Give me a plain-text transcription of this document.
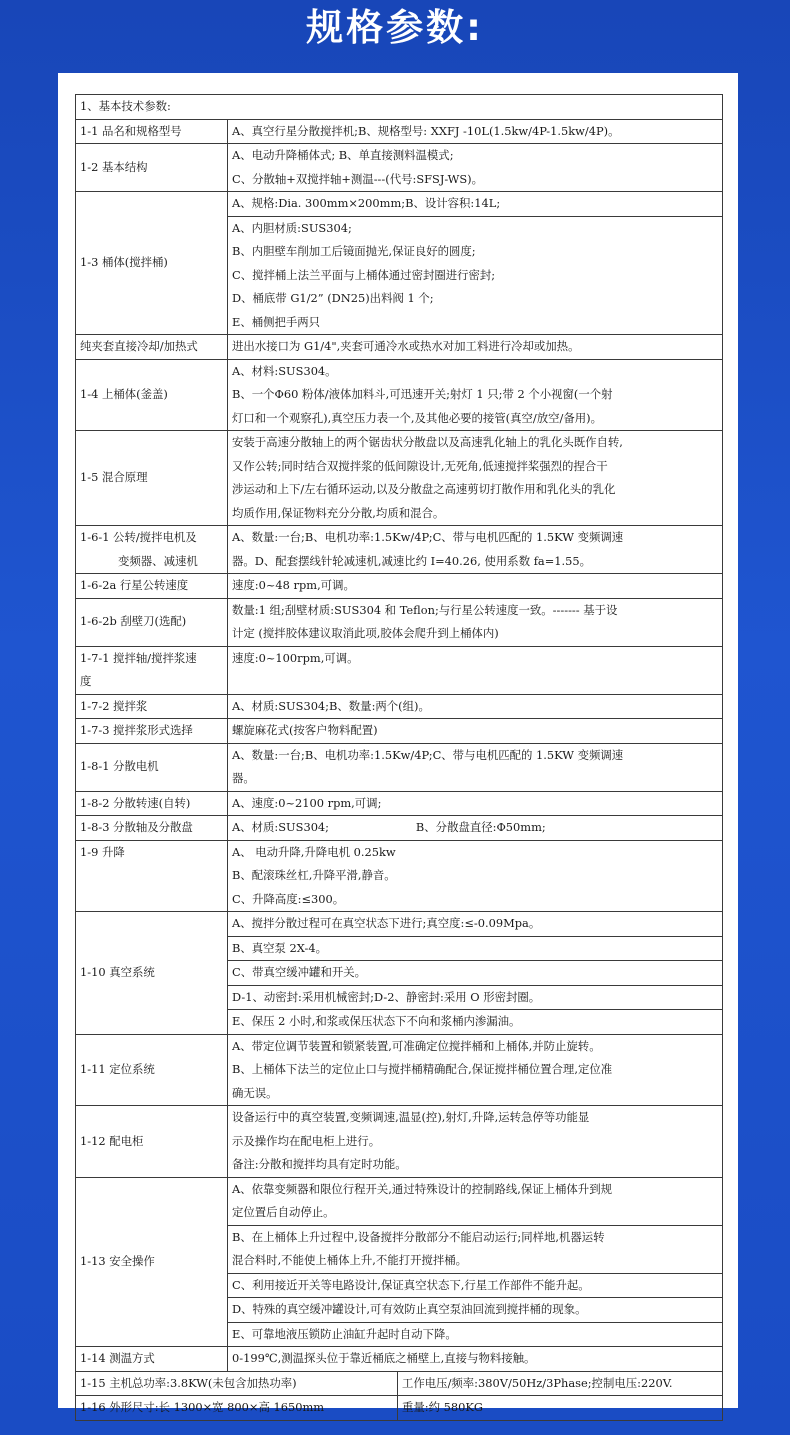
规格参数:
1、基本技术参数:		
1-1 品名和规格型号	A、真空行星分散搅拌机;B、规格型号: XXFJ -10L(1.5kw/4P-1.5kw/4P)。	
1-2 基本结构	A、电动升降桶体式; B、单直接测料温模式;
C、分散轴+双搅拌轴+测温---(代号:SFSJ-WS)。	

1-3 桶体(搅拌桶)	A、规格:Dia. 300mm×200mm;B、设计容积:14L;	

	A、内胆材质:SUS304;
B、内胆壁车削加工后镜面抛光,保证良好的圆度;
C、搅拌桶上法兰平面与上桶体通过密封圈进行密封;
D、桶底带 G1/2” (DN25)出料阀 1 个;
E、桶侧把手两只	

纯夹套直接冷却/加热式	进出水接口为 G1/4",夹套可通冷水或热水对加工料进行冷却或加热。	
1-4 上桶体(釜盖)	A、材料:SUS304。
B、一个Φ60 粉体/液体加料斗,可迅速开关;射灯 1 只;带 2 个小视窗(一个射
灯口和一个观察孔),真空压力表一个,及其他必要的接管(真空/放空/备用)。	

1-5 混合原理	安装于高速分散轴上的两个锯齿状分散盘以及高速乳化轴上的乳化头既作自转,
又作公转;同时结合双搅拌浆的低间隙设计,无死角,低速搅拌桨强烈的捏合干
涉运动和上下/左右循环运动,以及分散盘之高速剪切打散作用和乳化头的乳化
均质作用,保证物料充分分散,均质和混合。	

1-6-1 公转/搅拌电机及
变频器、减速机	A、数量:一台;B、电机功率:1.5Kw/4P;C、带与电机匹配的 1.5KW 变频调速
器。D、配套摆线针轮减速机,减速比约 I=40.26, 使用系数 fa=1.55。	

1-6-2a 行星公转速度	速度:0~48 rpm,可调。	
1-6-2b 刮壁刀(选配)	数量:1 组;刮壁材质:SUS304 和 Teflon;与行星公转速度一致。------- 基于设
计定 (搅拌胶体建议取消此项,胶体会爬升到上桶体内)	

1-7-1 搅拌轴/搅拌浆速
度	速度:0~100rpm,可调。	
1-7-2 搅拌浆	A、材质:SUS304;B、数量:两个(组)。	
1-7-3 搅拌浆形式选择	螺旋麻花式(按客户物料配置)	
1-8-1 分散电机	A、数量:一台;B、电机功率:1.5Kw/4P;C、带与电机匹配的 1.5KW 变频调速
器。	

1-8-2 分散转速(自转)	A、速度:0~2100 rpm,可调;	
1-8-3 分散轴及分散盘	A、材质:SUS304;                        B、分散盘直径:Φ50mm;	
1-9 升降	A、 电动升降,升降电机 0.25kw
B、配滚珠丝杠,升降平滑,静音。
C、升降高度:≤300。	

1-10 真空系统	A、搅拌分散过程可在真空状态下进行;真空度:≤-0.09Mpa。	
	B、真空泵 2X-4。	
	C、带真空缓冲罐和开关。	
	D-1、动密封:采用机械密封;D-2、静密封:采用 O 形密封圈。	
	E、保压 2 小时,和浆或保压状态下不向和浆桶内渗漏油。	
1-11 定位系统	A、带定位调节装置和锁紧装置,可准确定位搅拌桶和上桶体,并防止旋转。
B、上桶体下法兰的定位止口与搅拌桶精确配合,保证搅拌桶位置合理,定位准
确无误。	

1-12 配电柜	设备运行中的真空装置,变频调速,温显(控),射灯,升降,运转急停等功能显
示及操作均在配电柜上进行。
备注:分散和搅拌均具有定时功能。	

1-13 安全操作	A、依靠变频器和限位行程开关,通过特殊设计的控制路线,保证上桶体升到规
定位置后自动停止。	

	B、在上桶体上升过程中,设备搅拌分散部分不能启动运行;同样地,机器运转
混合料时,不能使上桶体上升,不能打开搅拌桶。	

	C、利用接近开关等电路设计,保证真空状态下,行星工作部件不能升起。	
	D、特殊的真空缓冲罐设计,可有效防止真空泵油回流到搅拌桶的现象。	
	E、可靠地液压锁防止油缸升起时自动下降。	
1-14 测温方式	0-199℃,测温探头位于靠近桶底之桶壁上,直接与物料接触。	
1-15 主机总功率:3.8KW(未包含加热功率)		工作电压/频率:380V/50Hz/3Phase;控制电压:220V.
1-16 外形尺寸:长 1300×宽 800×高 1650mm		重量:约 580KG
